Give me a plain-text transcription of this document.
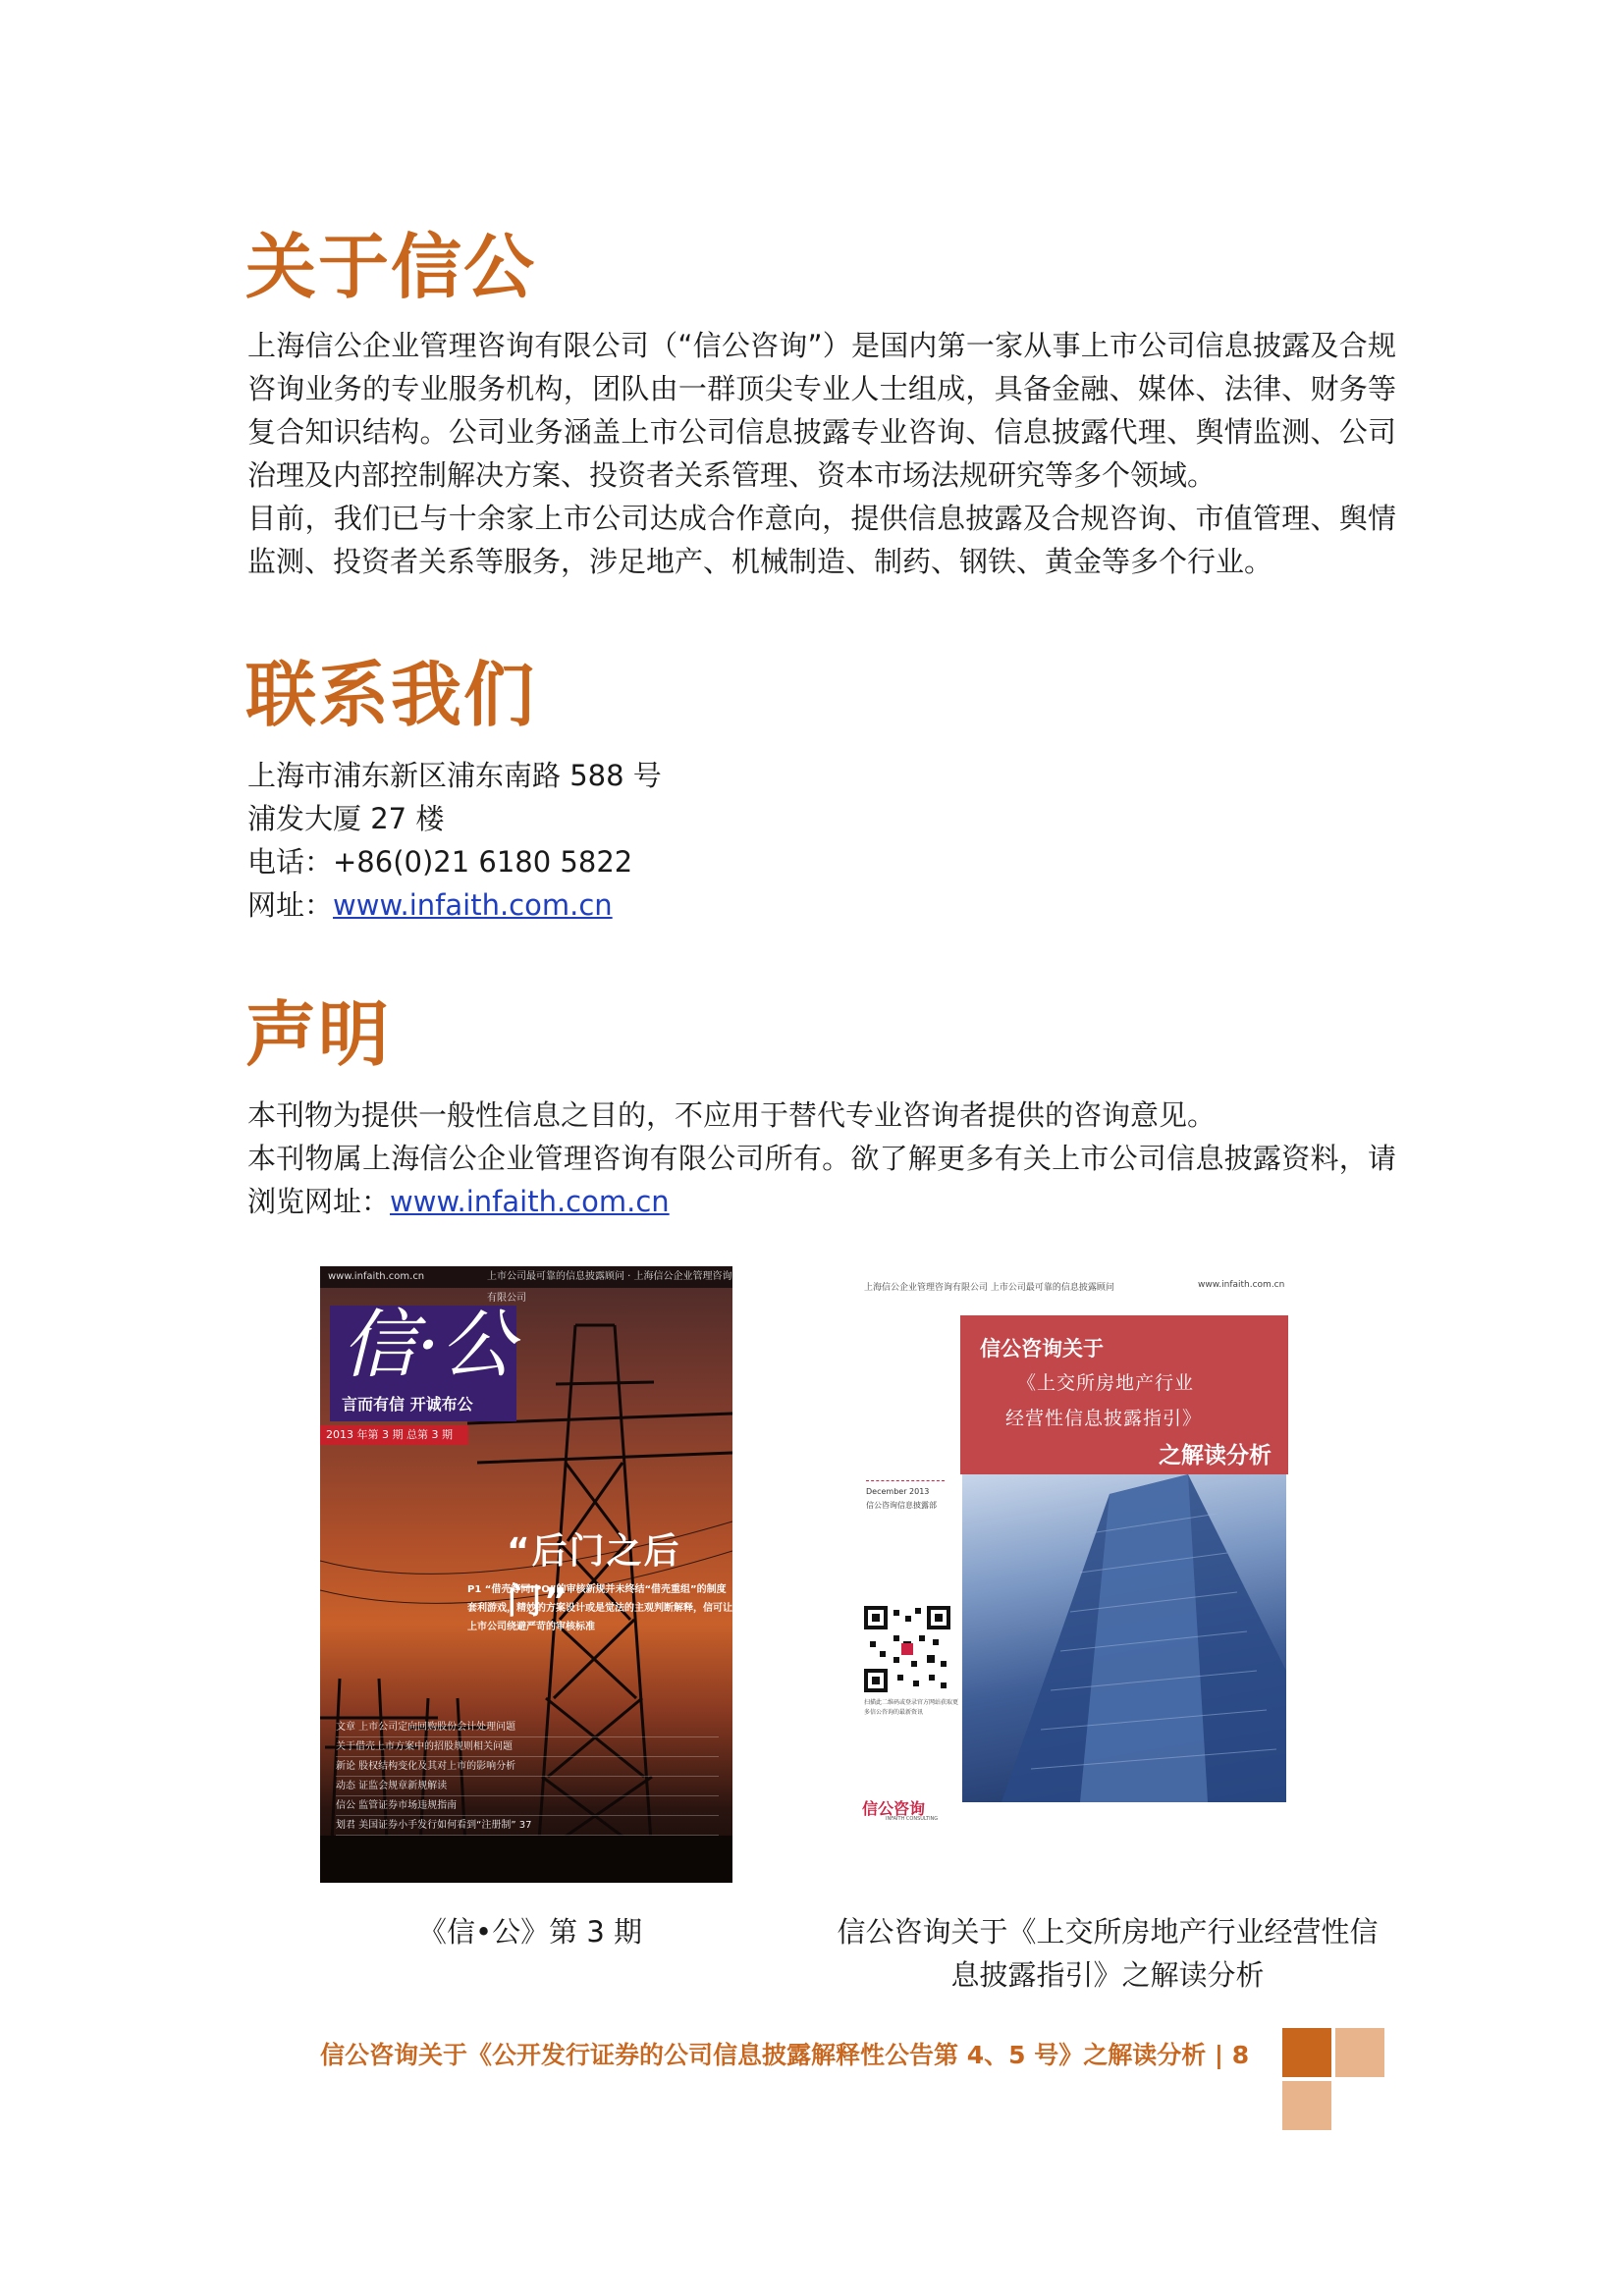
关于信公

上海信公企业管理咨询有限公司（“信公咨询”）是国内第一家从事上市公司信息披露及合规咨询业务的专业服务机构，团队由一群顶尖专业人士组成，具备金融、媒体、法律、财务等复合知识结构。公司业务涵盖上市公司信息披露专业咨询、信息披露代理、舆情监测、公司治理及内部控制解决方案、投资者关系管理、资本市场法规研究等多个领域。

目前，我们已与十余家上市公司达成合作意向，提供信息披露及合规咨询、市值管理、舆情监测、投资者关系等服务，涉足地产、机械制造、制药、钢铁、黄金等多个行业。

联系我们
上海市浦东新区浦东南路 588 号
浦发大厦 27 楼
电话：+86(0)21 6180 5822
网址：www.infaith.com.cn
声明

本刊物为提供一般性信息之目的，不应用于替代专业咨询者提供的咨询意见。

本刊物属上海信公企业管理咨询有限公司所有。欲了解更多有关上市公司信息披露资料，请浏览网址：www.infaith.com.cn

www.infaith.com.cn	上市公司最可靠的信息披露顾问 · 上海信公企业管理咨询有限公司
信·公
言而有信 开诚布公
2013 年第 3 期 总第 3 期
“后门之后门”
P1 “借壳等同IPO”的审核新规并未终结“借壳重组”的制度套利游戏，精妙的方案设计或是觉法的主观判断解释，信可让上市公司绕避严苛的审核标准
文章 上市公司定向回购股份会计处理问题
关于借壳上市方案中的招股规则相关问题
新论 股权结构变化及其对上市的影响分析
动态 证监会规章新规解读
信公 监管证券市场违规指南
划君 美国证券小手发行如何看到“注册制” 37
《信•公》第 3 期
上海信公企业管理咨询有限公司 上市公司最可靠的信息披露顾问	www.infaith.com.cn
信公咨询关于
《上交所房地产行业
经营性信息披露指引》
之解读分析
December 2013
信公咨询信息披露部
扫描此二维码或登录官方网站获取更多信公咨询的最新资讯
信公咨询
INFAITH CONSULTING
信公咨询关于《上交所房地产行业经营性信
息披露指引》之解读分析
信公咨询关于《公开发行证券的公司信息披露解释性公告第 4、5 号》之解读分析 | 8
